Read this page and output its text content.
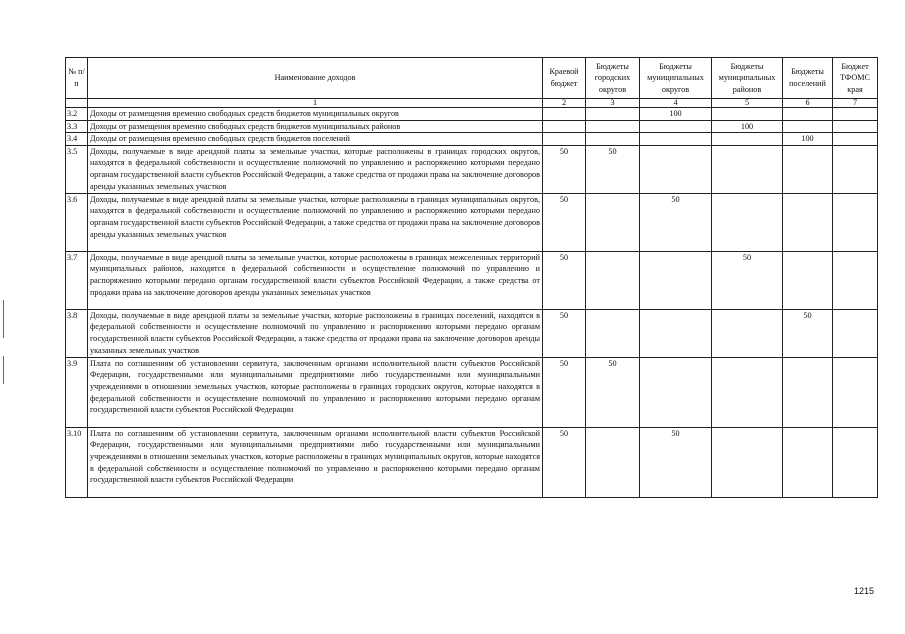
№ п/п	Наименование доходов	Краевой бюджет	Бюджеты городских округов	Бюджеты муниципальных округов	Бюджеты муниципальных районов	Бюджеты поселений	Бюджет ТФОМС края
	1	2	3	4	5	6	7
3.2	Доходы от размещения временно свободных средств бюджетов муниципальных округов			100			
3.3	Доходы от размещения временно свободных средств бюджетов муниципальных районов				100		
3.4	Доходы от размещения временно свободных средств бюджетов поселений					100	
3.5	Доходы, получаемые в виде арендной платы за земельные участки, которые расположены в границах городских округов, находятся в федеральной собственности и осуществление полномочий по управлению и распоряжению которыми передано органам государственной власти субъектов Российской Федерации, а также средства от продажи права на заключение договоров аренды указанных земельных участков	50	50				
3.6	Доходы, получаемые в виде арендной платы за земельные участки, которые расположены в границах муниципальных округов, находятся в федеральной собственности и осуществление полномочий по управлению и распоряжению которыми передано органам государственной власти субъектов Российской Федерации, а также средства от продажи права на заключение договоров аренды указанных земельных участков	50		50			
3.7	Доходы, получаемые в виде арендной платы за земельные участки, которые расположены в границах межселенных территорий муниципальных районов, находятся в федеральной собственности и осуществление полномочий по управлению и распоряжению которыми передано органам государственной власти субъектов Российской Федерации, а также средства от продажи права на заключение договоров аренды указанных земельных участков	50			50		
3.8	Доходы, получаемые в виде арендной платы за земельные участки, которые расположены в границах поселений, находятся в федеральной собственности и осуществление полномочий по управлению и распоряжению которыми передано органам государственной власти субъектов Российской Федерации, а также средства от продажи права на заключение договоров аренды указанных земельных участков	50				50	
3.9	Плата по соглашениям об установлении сервитута, заключенным органами исполнительной власти субъектов Российской Федерации, государственными или муниципальными предприятиями либо государственными или муниципальными учреждениями в отношении земельных участков, которые расположены в границах городских округов, которые находятся в федеральной собственности и осуществление полномочий по управлению и распоряжению которыми передано органам государственной власти субъектов Российской Федерации	50	50				
3.10	Плата по соглашениям об установлении сервитута, заключенным органами исполнительной власти субъектов Российской Федерации, государственными или муниципальными предприятиями либо государственными или муниципальными учреждениями в отношении земельных участков, которые расположены в границах муниципальных округов, которые находятся в федеральной собственности и осуществление полномочий по управлению и распоряжению которыми передано органам государственной власти субъектов Российской Федерации	50		50			
1215
